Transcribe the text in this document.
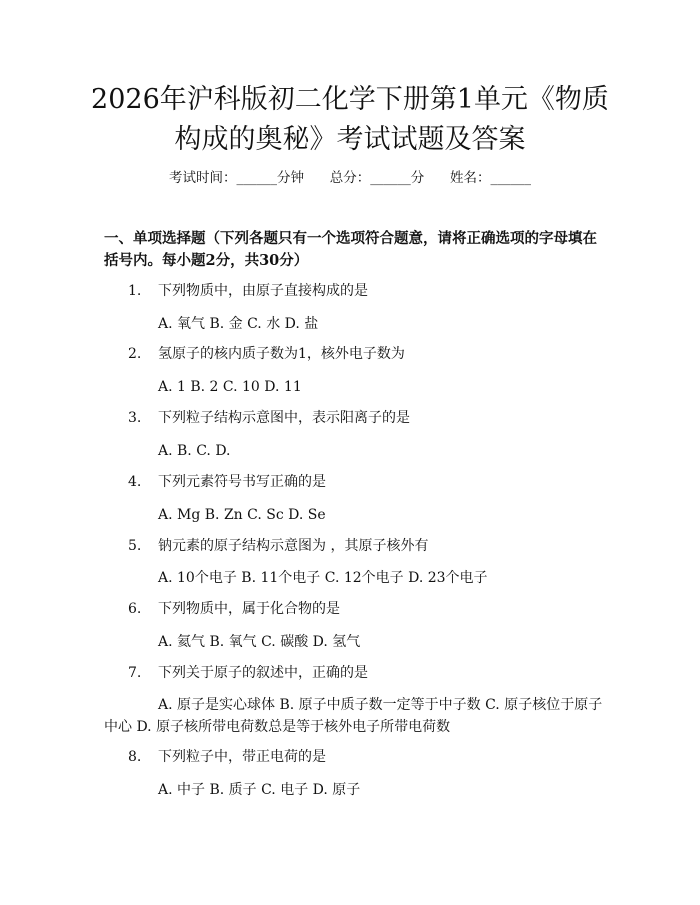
2026年沪科版初二化学下册第1单元《物质
构成的奥秘》考试试题及答案
考试时间：______分钟 总分：______分 姓名：______
一、单项选择题（下列各题只有一个选项符合题意，请将正确选项的字母填在括号内。每小题2分，共30分）
1. 下列物质中，由原子直接构成的是
A. 氧气 B. 金 C. 水 D. 盐
2. 氢原子的核内质子数为1，核外电子数为
A. 1 B. 2 C. 10 D. 11
3. 下列粒子结构示意图中，表示阳离子的是
A. B. C. D.
4. 下列元素符号书写正确的是
A. Mg B. Zn C. Sc D. Se
5. 钠元素的原子结构示意图为 ，其原子核外有
A. 10个电子 B. 11个电子 C. 12个电子 D. 23个电子
6. 下列物质中，属于化合物的是
A. 氦气 B. 氧气 C. 碳酸 D. 氢气
7. 下列关于原子的叙述中，正确的是
A. 原子是实心球体 B. 原子中质子数一定等于中子数 C. 原子核位于原子中心 D. 原子核所带电荷数总是等于核外电子所带电荷数
8. 下列粒子中，带正电荷的是
A. 中子 B. 质子 C. 电子 D. 原子
